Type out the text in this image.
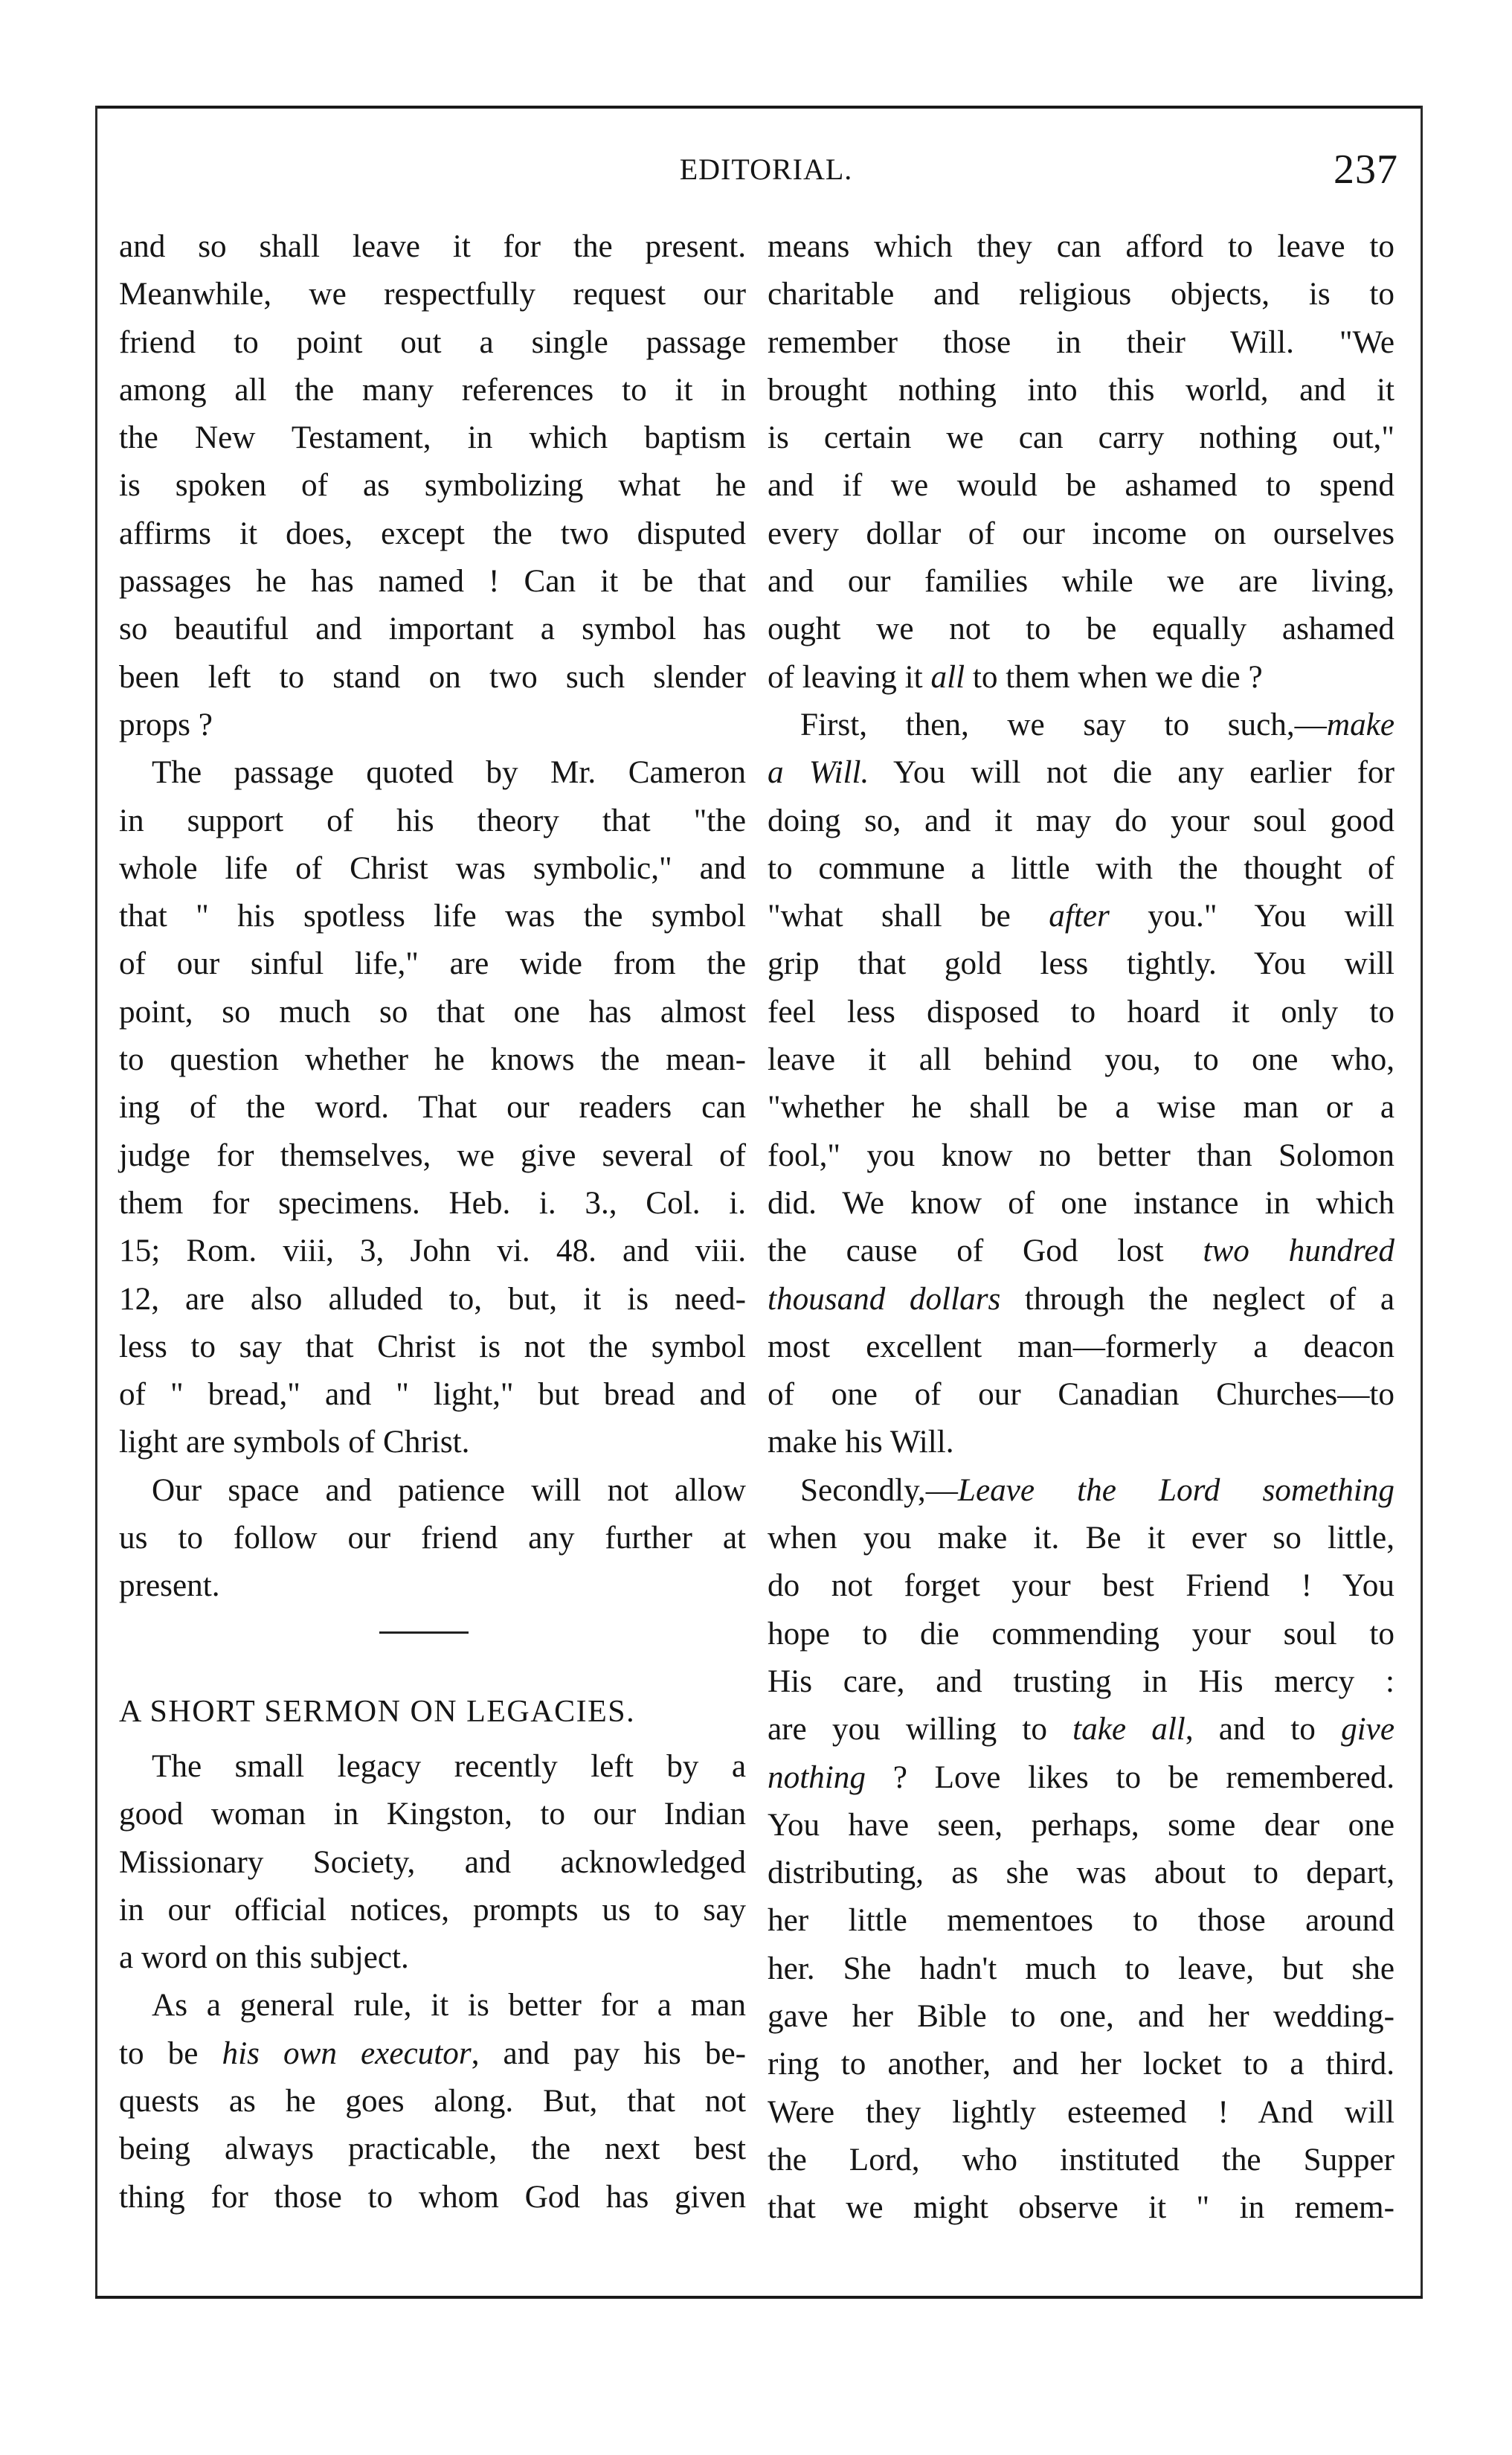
EDITORIAL.	237
and so shall leave it for the present.
Meanwhile, we respectfully request our
friend to point out a single passage
among all the many references to it in
the New Testament, in which baptism
is spoken of as symbolizing what he
affirms it does, except the two disputed
passages he has named ! Can it be that
so beautiful and important a symbol has
been left to stand on two such slender
props ?
The passage quoted by Mr. Cameron
in support of his theory that "the
whole life of Christ was symbolic," and
that " his spotless life was the symbol
of our sinful life," are wide from the
point, so much so that one has almost
to question whether he knows the mean-
ing of the word. That our readers can
judge for themselves, we give several of
them for specimens. Heb. i. 3., Col. i.
15; Rom. viii, 3, John vi. 48. and viii.
12, are also alluded to, but, it is need-
less to say that Christ is not the symbol
of " bread," and " light," but bread and
light are symbols of Christ.
Our space and patience will not allow
us to follow our friend any further at
present.
A SHORT SERMON ON LEGACIES.
The small legacy recently left by a
good woman in Kingston, to our Indian
Missionary Society, and acknowledged
in our official notices, prompts us to say
a word on this subject.
As a general rule, it is better for a man
to be his own executor, and pay his be-
quests as he goes along. But, that not
being always practicable, the next best
thing for those to whom God has given
means which they can afford to leave to
charitable and religious objects, is to
remember those in their Will. "We
brought nothing into this world, and it
is certain we can carry nothing out,"
and if we would be ashamed to spend
every dollar of our income on ourselves
and our families while we are living,
ought we not to be equally ashamed
of leaving it all to them when we die ?
First, then, we say to such,—make
a Will. You will not die any earlier for
doing so, and it may do your soul good
to commune a little with the thought of
"what shall be after you." You will
grip that gold less tightly. You will
feel less disposed to hoard it only to
leave it all behind you, to one who,
"whether he shall be a wise man or a
fool," you know no better than Solomon
did. We know of one instance in which
the cause of God lost two hundred
thousand dollars through the neglect of a
most excellent man—formerly a deacon
of one of our Canadian Churches—to
make his Will.
Secondly,—Leave the Lord something
when you make it. Be it ever so little,
do not forget your best Friend ! You
hope to die commending your soul to
His care, and trusting in His mercy :
are you willing to take all, and to give
nothing ? Love likes to be remembered.
You have seen, perhaps, some dear one
distributing, as she was about to depart,
her little mementoes to those around
her. She hadn't much to leave, but she
gave her Bible to one, and her wedding-
ring to another, and her locket to a third.
Were they lightly esteemed ! And will
the Lord, who instituted the Supper
that we might observe it " in remem-
